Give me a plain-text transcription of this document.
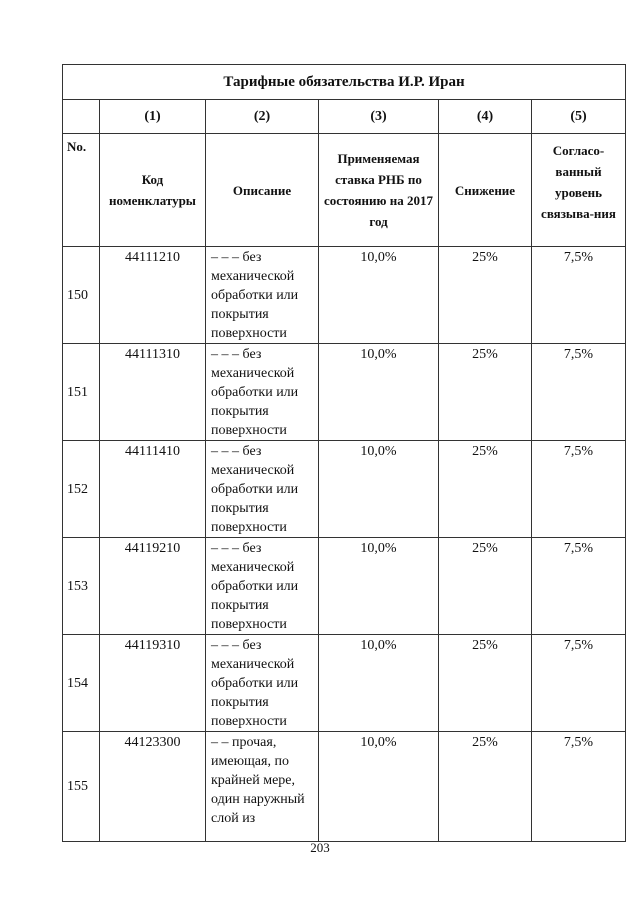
Тарифные обязательства И.Р. Иран					
	(1)	(2)	(3)	(4)	(5)
No.	Код номенклатуры	Описание	Применяемая ставка РНБ по состоянию на 2017 год	Снижение	Согласо-ванный уровень связыва-ния
150	44111210	– – – без механической обработки или покрытия поверхности	10,0%	25%	7,5%
151	44111310	– – – без механической обработки или покрытия поверхности	10,0%	25%	7,5%
152	44111410	– – – без механической обработки или покрытия поверхности	10,0%	25%	7,5%
153	44119210	– – – без механической обработки или покрытия поверхности	10,0%	25%	7,5%
154	44119310	– – – без механической обработки или покрытия поверхности	10,0%	25%	7,5%
155	44123300	– – прочая, имеющая, по крайней мере, один наружный слой из	10,0%	25%	7,5%
203
